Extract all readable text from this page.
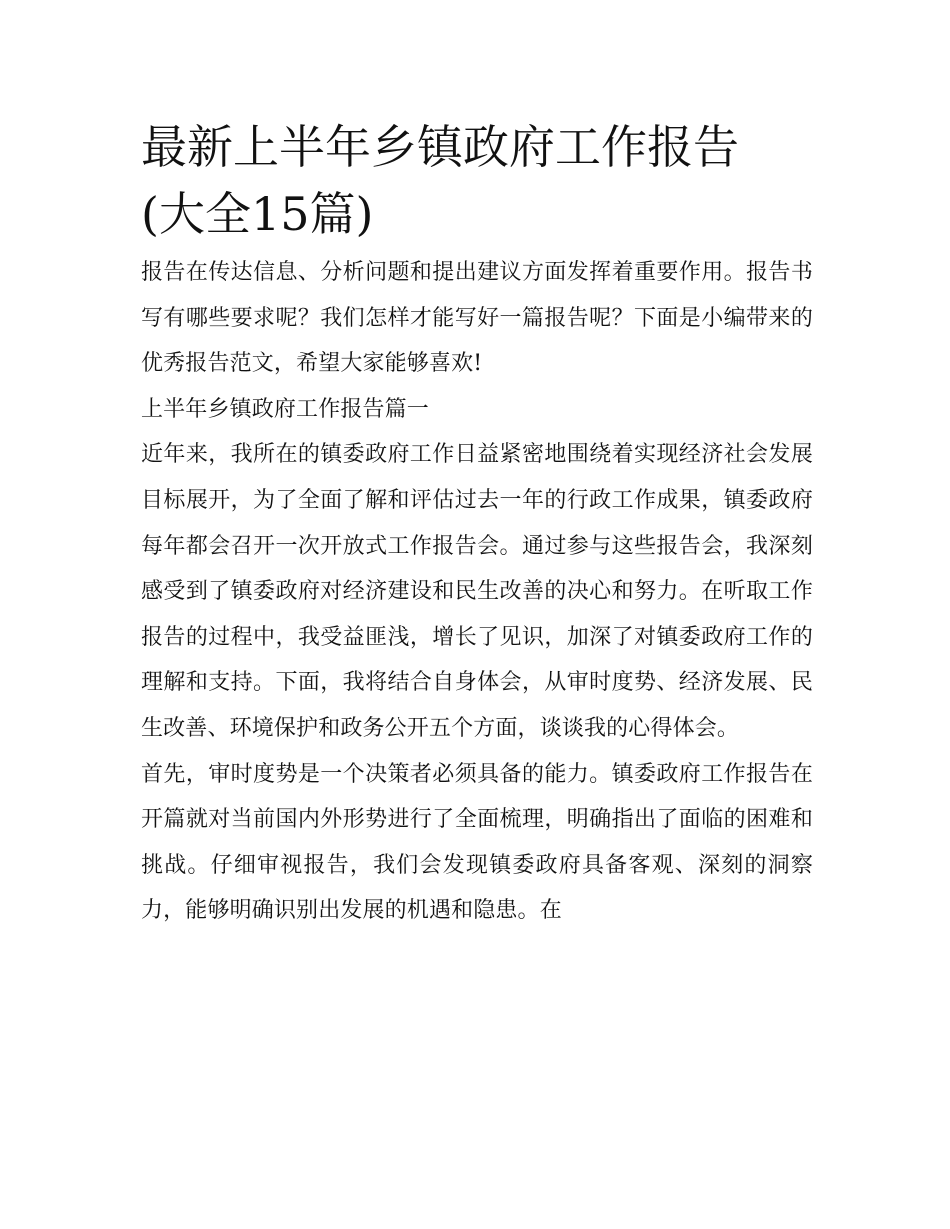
最新上半年乡镇政府工作报告
(大全15篇)

报告在传达信息、分析问题和提出建议方面发挥着重要作用。报告书写有哪些要求呢？我们怎样才能写好一篇报告呢？下面是小编带来的优秀报告范文，希望大家能够喜欢!

上半年乡镇政府工作报告篇一

近年来，我所在的镇委政府工作日益紧密地围绕着实现经济社会发展目标展开，为了全面了解和评估过去一年的行政工作成果，镇委政府每年都会召开一次开放式工作报告会。通过参与这些报告会，我深刻感受到了镇委政府对经济建设和民生改善的决心和努力。在听取工作报告的过程中，我受益匪浅，增长了见识，加深了对镇委政府工作的理解和支持。下面，我将结合自身体会，从审时度势、经济发展、民生改善、环境保护和政务公开五个方面，谈谈我的心得体会。

首先，审时度势是一个决策者必须具备的能力。镇委政府工作报告在开篇就对当前国内外形势进行了全面梳理，明确指出了面临的困难和挑战。仔细审视报告，我们会发现镇委政府具备客观、深刻的洞察力，能够明确识别出发展的机遇和隐患。在
